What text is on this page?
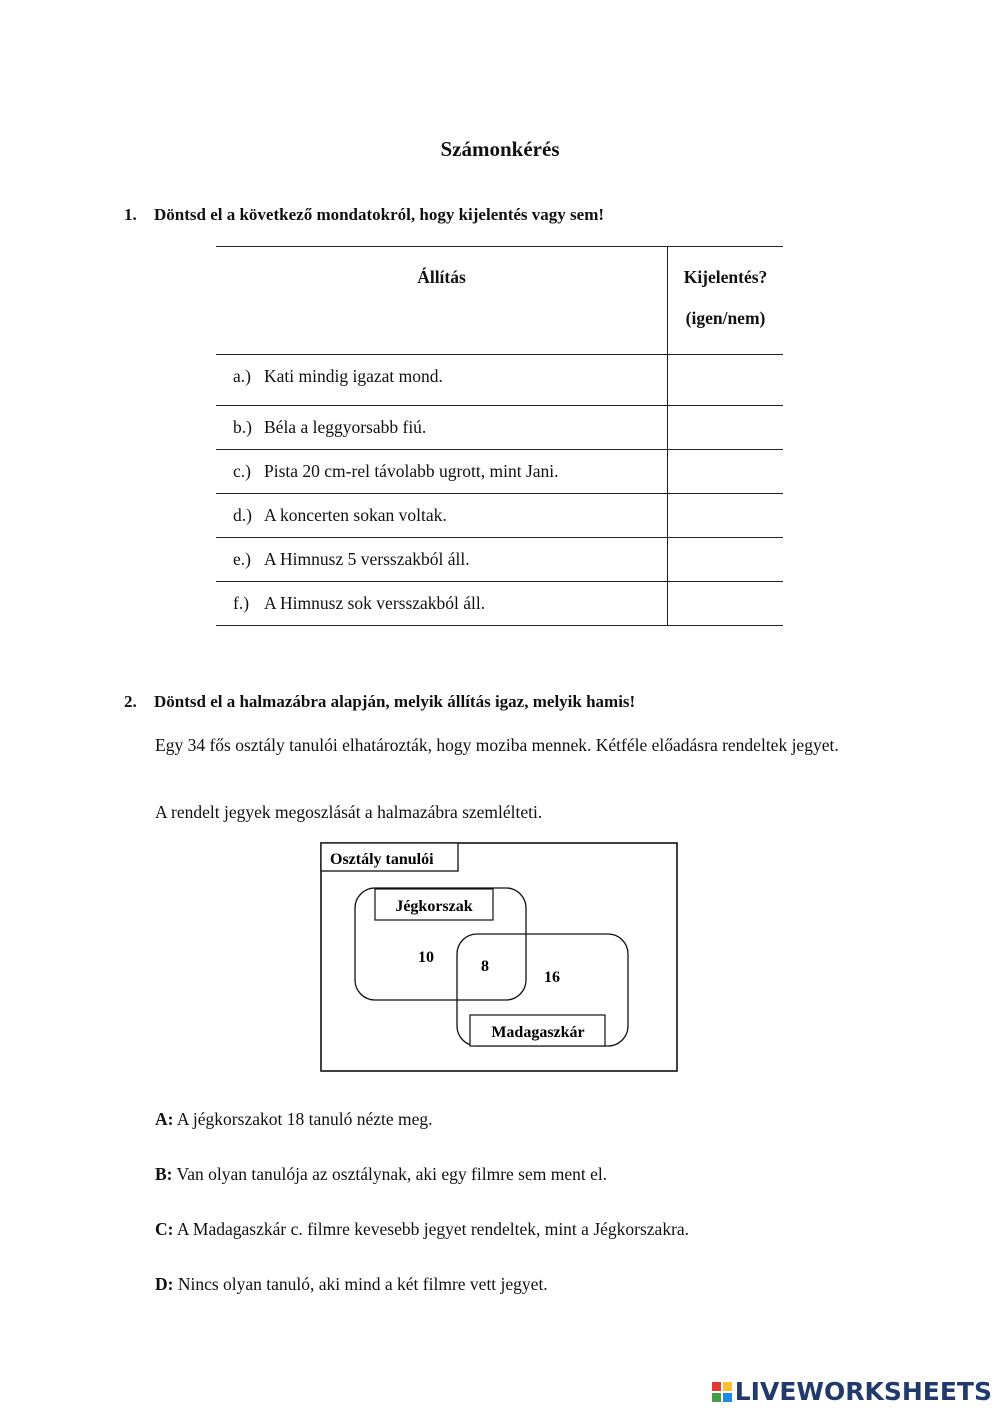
Számonkérés
1. Döntsd el a következő mondatokról, hogy kijelentés vagy sem!
Állítás	Kijelentés?
(igen/nem)

a.) Kati mindig igazat mond.	

b.) Béla a leggyorsabb fiú.	

c.) Pista 20 cm-rel távolabb ugrott, mint Jani.	

d.) A koncerten sokan voltak.	

e.) A Himnusz 5 versszakból áll.	

f.) A Himnusz sok versszakból áll.	

2. Döntsd el a halmazábra alapján, melyik állítás igaz, melyik hamis!
Egy 34 fős osztály tanulói elhatározták, hogy moziba mennek. Kétféle előadásra rendeltek jegyet.
A rendelt jegyek megoszlását a halmazábra szemlélteti.
Osztály tanulói
Jégkorszak
Madagaszkár
10
8
16
A: A jégkorszakot 18 tanuló nézte meg.
B: Van olyan tanulója az osztálynak, aki egy filmre sem ment el.
C: A Madagaszkár c. filmre kevesebb jegyet rendeltek, mint a Jégkorszakra.
D: Nincs olyan tanuló, aki mind a két filmre vett jegyet.
LIVEWORKSHEETS
